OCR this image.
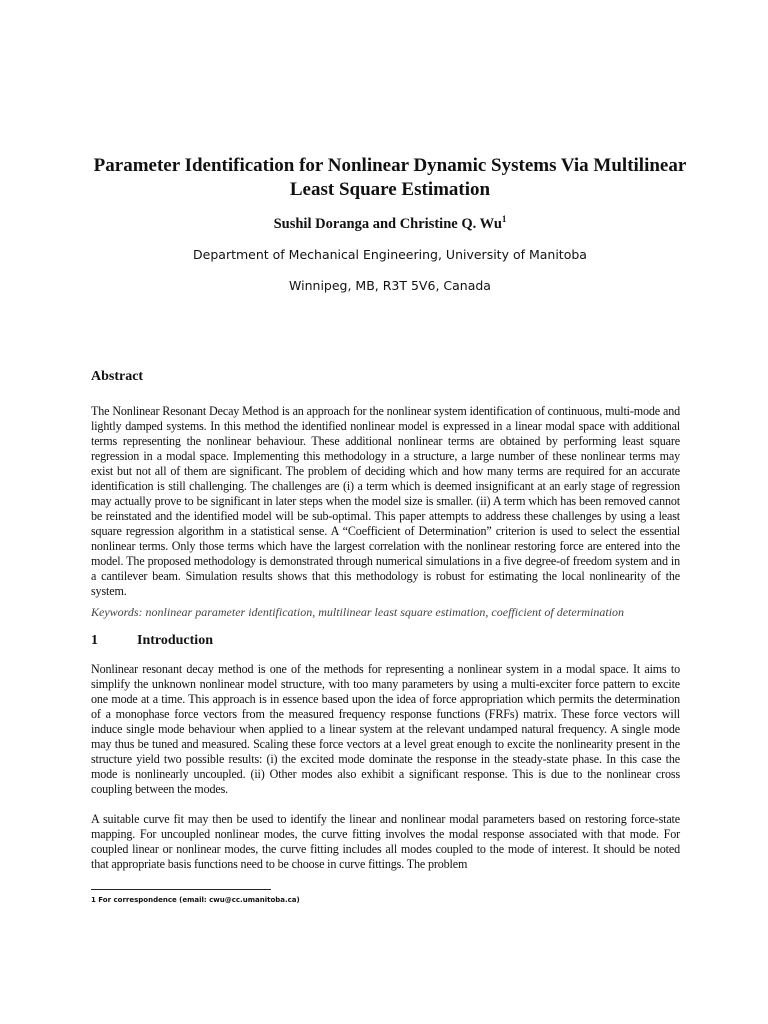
Parameter Identification for Nonlinear Dynamic Systems Via Multilinear Least Square Estimation
Sushil Doranga and Christine Q. Wu$^1$
Department of Mechanical Engineering, University of Manitoba
Winnipeg, MB, R3T 5V6, Canada
Abstract

The Nonlinear Resonant Decay Method is an approach for the nonlinear system identification of continuous, multi-mode and lightly damped systems. In this method the identified nonlinear model is expressed in a linear modal space with additional terms representing the nonlinear behaviour. These additional nonlinear terms are obtained by performing least square regression in a modal space. Implementing this methodology in a structure, a large number of these nonlinear terms may exist but not all of them are significant. The problem of deciding which and how many terms are required for an accurate identification is still challenging. The challenges are (i) a term which is deemed insignificant at an early stage of regression may actually prove to be significant in later steps when the model size is smaller. (ii) A term which has been removed cannot be reinstated and the identified model will be sub-optimal. This paper attempts to address these challenges by using a least square regression algorithm in a statistical sense. A “Coefficient of Determination” criterion is used to select the essential nonlinear terms. Only those terms which have the largest correlation with the nonlinear restoring force are entered into the model. The proposed methodology is demonstrated through numerical simulations in a five degree-of freedom system and in a cantilever beam. Simulation results shows that this methodology is robust for estimating the local nonlinearity of the system.

Keywords: nonlinear parameter identification, multilinear least square estimation, coefficient of determination
1	Introduction

Nonlinear resonant decay method is one of the methods for representing a nonlinear system in a modal space. It aims to simplify the unknown nonlinear model structure, with too many parameters by using a multi-exciter force pattern to excite one mode at a time. This approach is in essence based upon the idea of force appropriation which permits the determination of a monophase force vectors from the measured frequency response functions (FRFs) matrix. These force vectors will induce single mode behaviour when applied to a linear system at the relevant undamped natural frequency. A single mode may thus be tuned and measured. Scaling these force vectors at a level great enough to excite the nonlinearity present in the structure yield two possible results: (i) the excited mode dominate the response in the steady-state phase. In this case the mode is nonlinearly uncoupled. (ii) Other modes also exhibit a significant response. This is due to the nonlinear cross coupling between the modes.

A suitable curve fit may then be used to identify the linear and nonlinear modal parameters based on restoring force-state mapping. For uncoupled nonlinear modes, the curve fitting involves the modal response associated with that mode. For coupled linear or nonlinear modes, the curve fitting includes all modes coupled to the mode of interest. It should be noted that appropriate basis functions need to be choose in curve fittings. The problem

1 For correspondence (email: cwu@cc.umanitoba.ca)
